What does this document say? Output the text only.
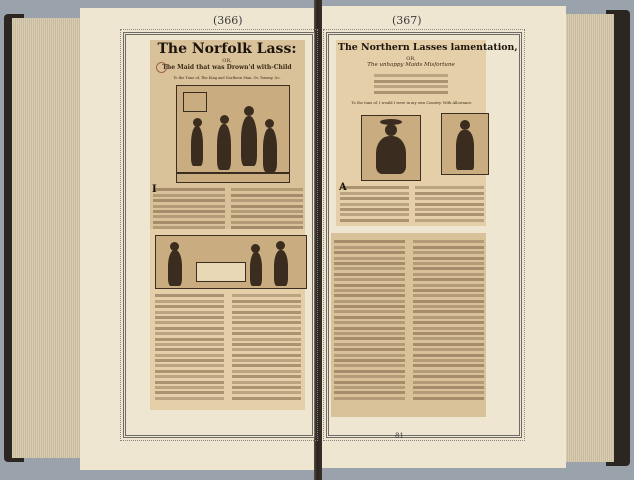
(366)	(367)
The Norfolk Lass:
OR,
The Maid that was Drown'd with-Child
To the Tune of, The King and Northern Man. Or, Tommy, &c.
I
The Northern Lasses lamentation,
OR,
The unhappy Maids Misfortune
To the tune of, I would I were in my own Country. With Allowance.
A
81
